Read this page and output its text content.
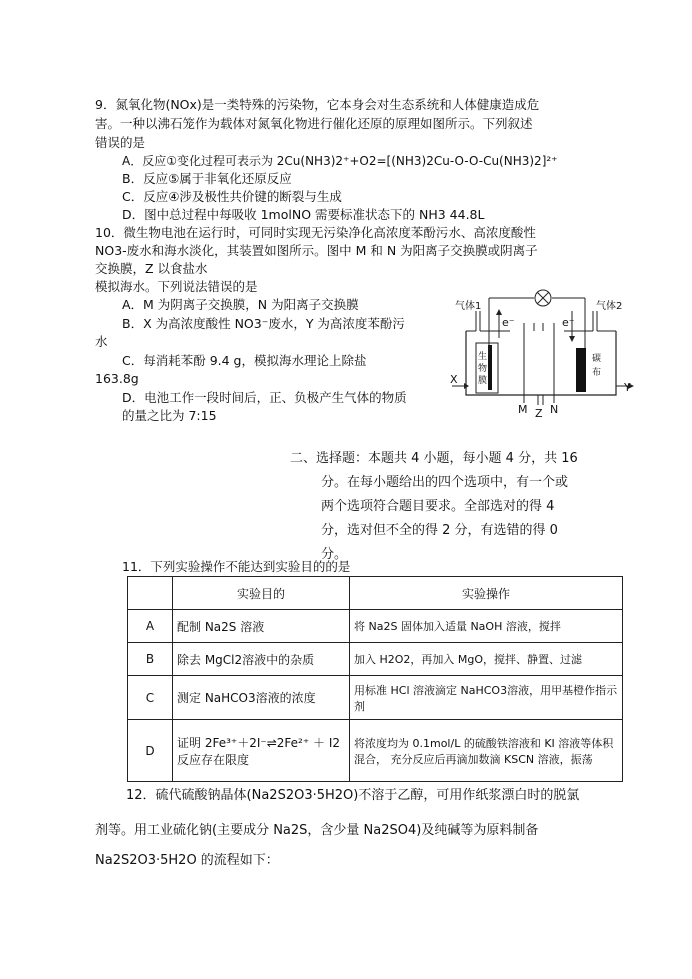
9．氮氧化物(NOx)是一类特殊的污染物，它本身会对生态系统和人体健康造成危
害。一种以沸石笼作为载体对氮氧化物进行催化还原的原理如图所示。下列叙述
错误的是
A．反应①变化过程可表示为 2Cu(NH3)2⁺+O2=[(NH3)2Cu-O-O-Cu(NH3)2]²⁺
B．反应⑤属于非氧化还原反应
C．反应④涉及极性共价键的断裂与生成
D．图中总过程中每吸收 1molNO 需要标准状态下的 NH3 44.8L
10．微生物电池在运行时，可同时实现无污染净化高浓度苯酚污水、高浓度酸性
NO3-废水和海水淡化，其装置如图所示。图中 M 和 N 为阳离子交换膜或阴离子
交换膜，Z 以食盐水
模拟海水。下列说法错误的是
A．M 为阴离子交换膜，N 为阳离子交换膜
B．X 为高浓度酸性 NO3⁻废水，Y 为高浓度苯酚污
水
C．每消耗苯酚 9.4 g，模拟海水理论上除盐
163.8g
D．电池工作一段时间后，正、负极产生气体的物质
的量之比为 7:15
气体1	气体2
e⁻	e⁻
生
物
膜
碳
布
X
Y
M Z N
二、选择题：本题共 4 小题，每小题 4 分，共 16
分。在每小题给出的四个选项中，有一个或
两个选项符合题目要求。全部选对的得 4
分，选对但不全的得 2 分，有选错的得 0
分。
11．下列实验操作不能达到实验目的的是
	实验目的	实验操作
A	配制 Na2S 溶液	将 Na2S 固体加入适量 NaOH 溶液，搅拌
B	除去 MgCl2溶液中的杂质	加入 H2O2，再加入 MgO，搅拌、静置、过滤
C	测定 NaHCO3溶液的浓度	用标准 HCl 溶液滴定 NaHCO3溶液，用甲基橙作指示剂
D	证明 2Fe³⁺＋2I⁻⇌2Fe²⁺ ＋ I2反应存在限度	将浓度均为 0.1mol/L 的硫酸铁溶液和 KI 溶液等体积混合， 充分反应后再滴加数滴 KSCN 溶液，振荡
12．硫代硫酸钠晶体(Na2S2O3·5H2O)不溶于乙醇，可用作纸浆漂白时的脱氯
剂等。用工业硫化钠(主要成分 Na2S，含少量 Na2SO4)及纯碱等为原料制备
Na2S2O3·5H2O 的流程如下：
